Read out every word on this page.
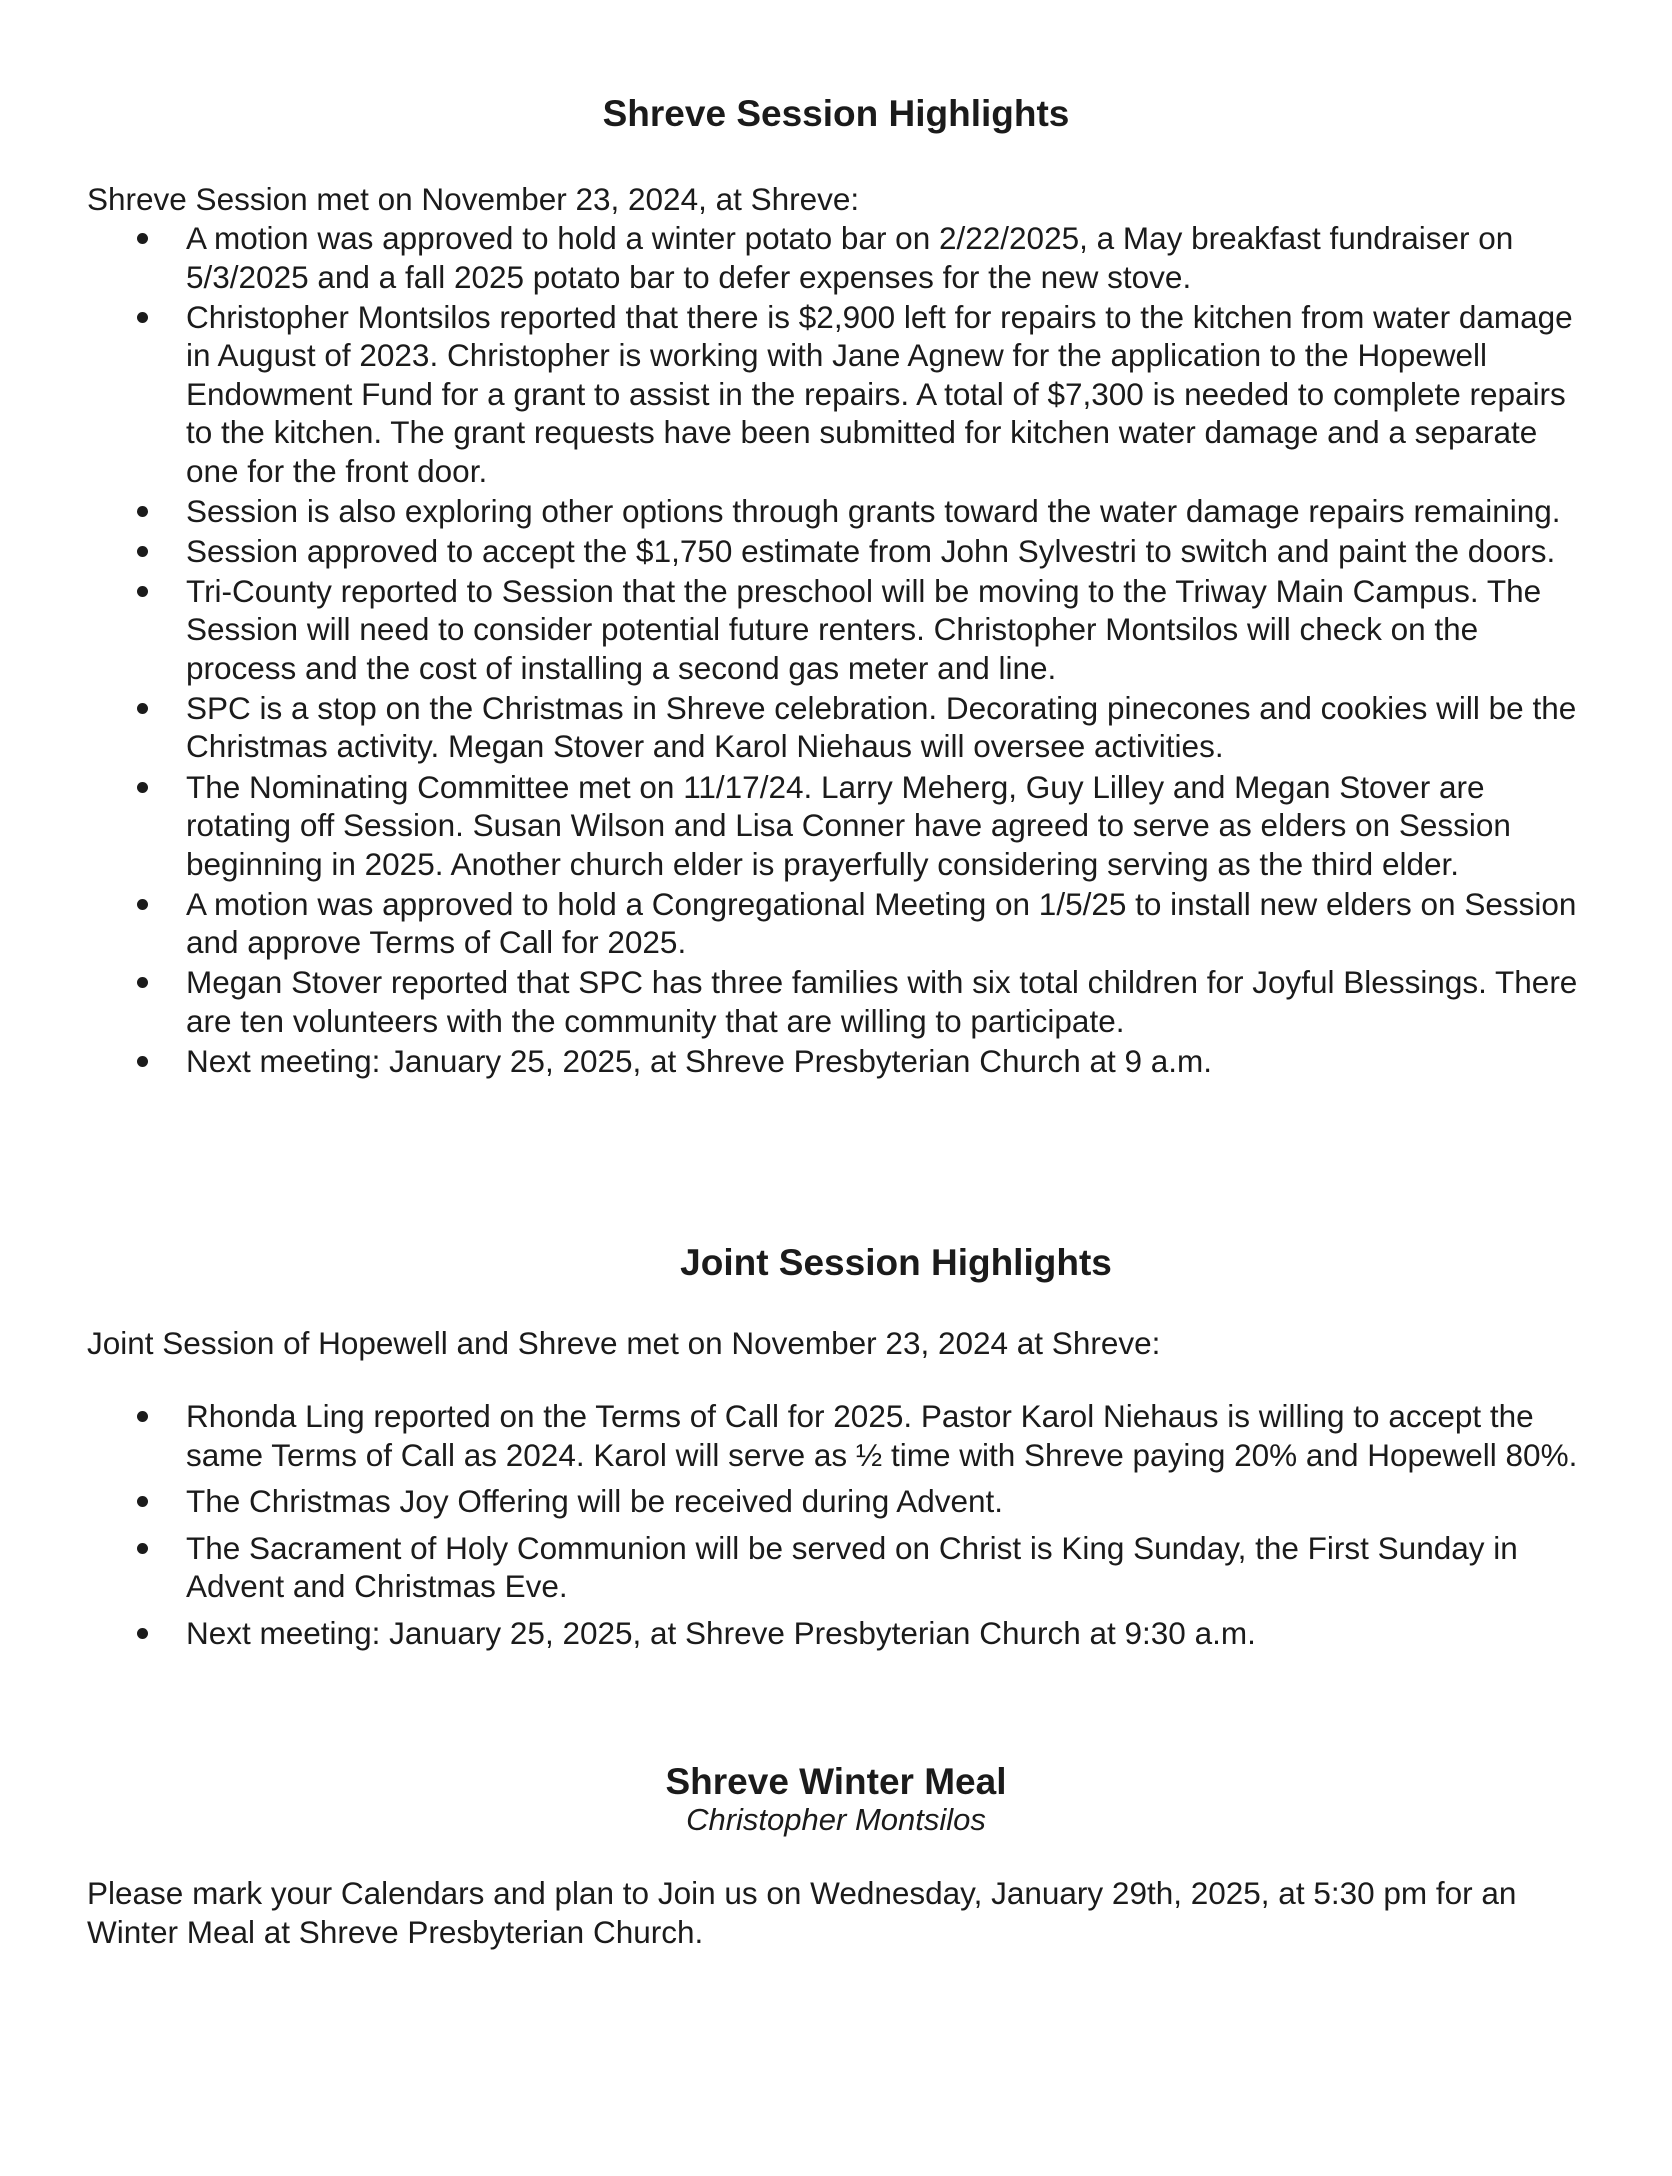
Shreve Session Highlights

Shreve Session met on November 23, 2024, at Shreve:

A motion was approved to hold a winter potato bar on 2/22/2025, a May breakfast fundraiser on 5/3/2025 and a fall 2025 potato bar to defer expenses for the new stove.
Christopher Montsilos reported that there is $2,900 left for repairs to the kitchen from water damage in August of 2023. Christopher is working with Jane Agnew for the application to the Hopewell Endowment Fund for a grant to assist in the repairs. A total of $7,300 is needed to complete repairs to the kitchen. The grant requests have been submitted for kitchen water damage and a separate one for the front door.
Session is also exploring other options through grants toward the water damage repairs remaining.
Session approved to accept the $1,750 estimate from John Sylvestri to switch and paint the doors.
Tri-County reported to Session that the preschool will be moving to the Triway Main Campus. The Session will need to consider potential future renters. Christopher Montsilos will check on the process and the cost of installing a second gas meter and line.
SPC is a stop on the Christmas in Shreve celebration. Decorating pinecones and cookies will be the Christmas activity. Megan Stover and Karol Niehaus will oversee activities.
The Nominating Committee met on 11/17/24. Larry Meherg, Guy Lilley and Megan Stover are rotating off Session. Susan Wilson and Lisa Conner have agreed to serve as elders on Session beginning in 2025. Another church elder is prayerfully considering serving as the third elder.
A motion was approved to hold a Congregational Meeting on 1/5/25 to install new elders on Session and approve Terms of Call for 2025.
Megan Stover reported that SPC has three families with six total children for Joyful Blessings. There are ten volunteers with the community that are willing to participate.
Next meeting: January 25, 2025, at Shreve Presbyterian Church at 9 a.m.
Joint Session Highlights

Joint Session of Hopewell and Shreve met on November 23, 2024 at Shreve:

Rhonda Ling reported on the Terms of Call for 2025. Pastor Karol Niehaus is willing to accept the same Terms of Call as 2024. Karol will serve as ½ time with Shreve paying 20% and Hopewell 80%.
The Christmas Joy Offering will be received during Advent.
The Sacrament of Holy Communion will be served on Christ is King Sunday, the First Sunday in Advent and Christmas Eve.
Next meeting: January 25, 2025, at Shreve Presbyterian Church at 9:30 a.m.
Shreve Winter Meal

Christopher Montsilos

Please mark your Calendars and plan to Join us on Wednesday, January 29th, 2025, at 5:30 pm for an Winter Meal at Shreve Presbyterian Church.
